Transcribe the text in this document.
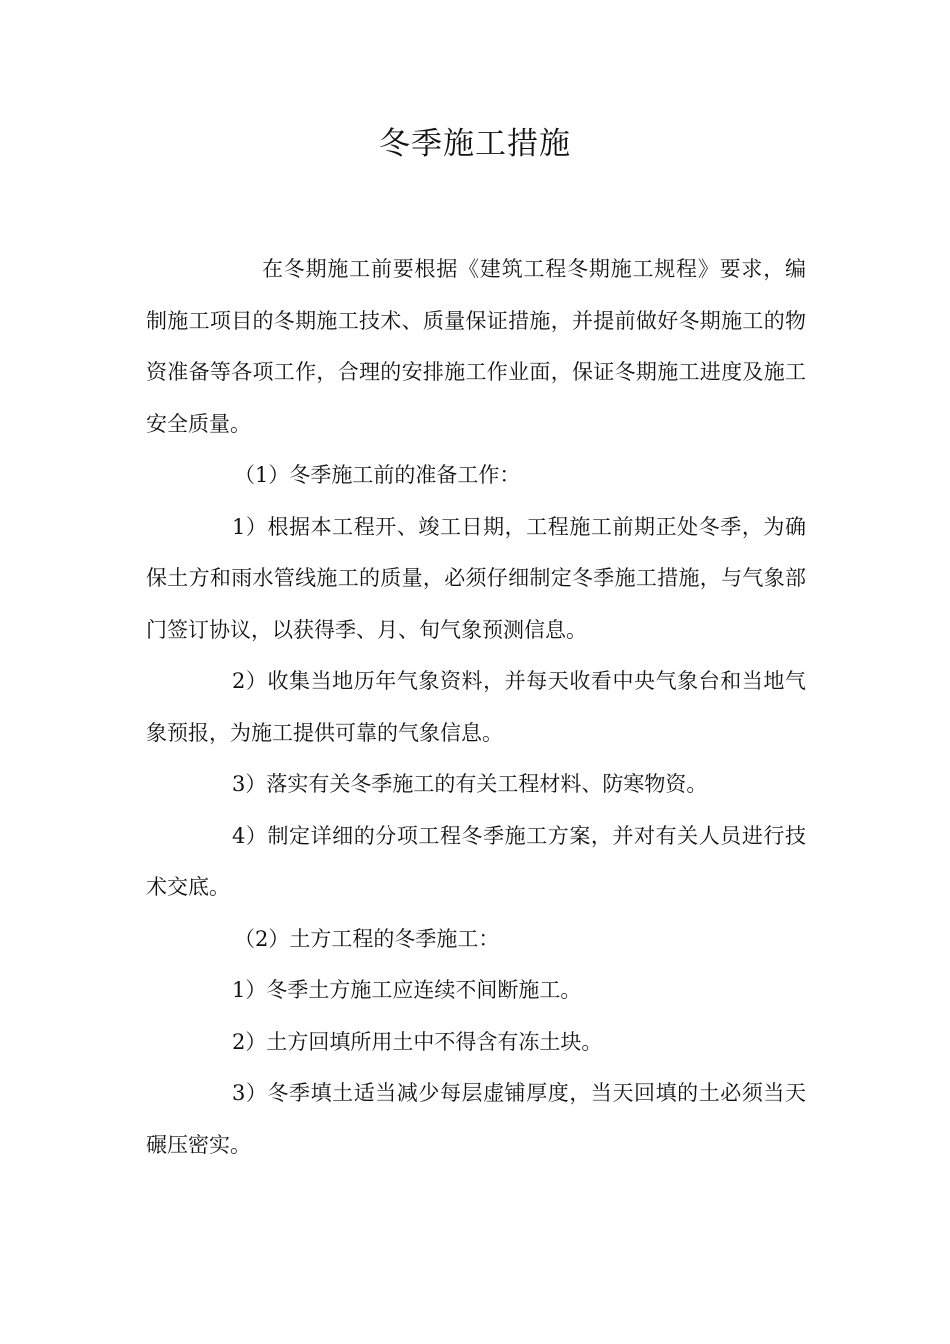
冬季施工措施

在冬期施工前要根据《建筑工程冬期施工规程》要求，编制施工项目的冬期施工技术、质量保证措施，并提前做好冬期施工的物资准备等各项工作，合理的安排施工作业面，保证冬期施工进度及施工安全质量。

（1）冬季施工前的准备工作：

1）根据本工程开、竣工日期，工程施工前期正处冬季，为确保土方和雨水管线施工的质量，必须仔细制定冬季施工措施，与气象部门签订协议，以获得季、月、旬气象预测信息。

2）收集当地历年气象资料，并每天收看中央气象台和当地气象预报，为施工提供可靠的气象信息。

3）落实有关冬季施工的有关工程材料、防寒物资。

4）制定详细的分项工程冬季施工方案，并对有关人员进行技术交底。

（2）土方工程的冬季施工：

1）冬季土方施工应连续不间断施工。

2）土方回填所用土中不得含有冻土块。

3）冬季填土适当减少每层虚铺厚度，当天回填的土必须当天碾压密实。
